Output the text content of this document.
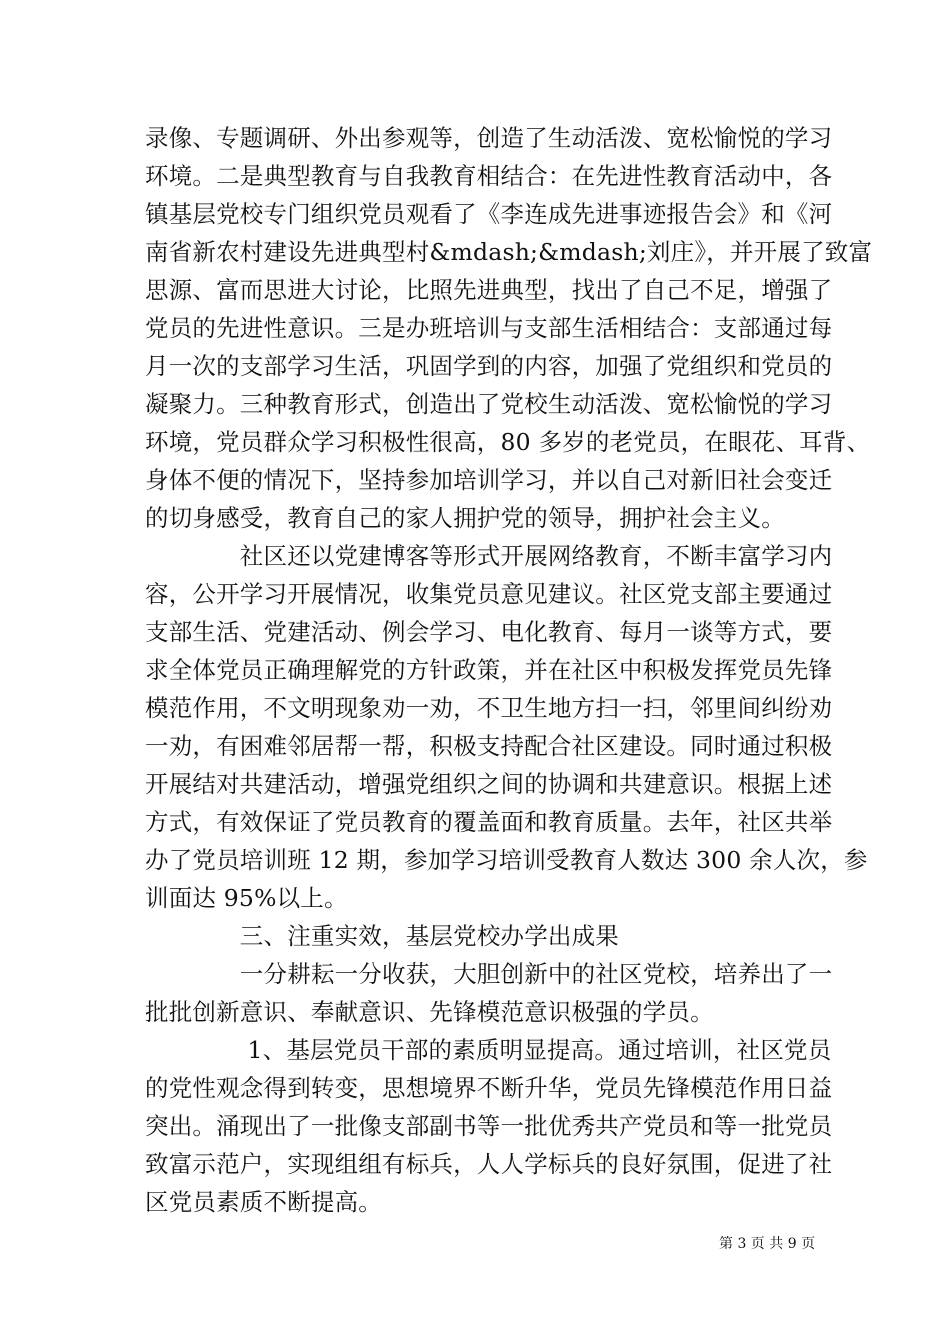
录像、专题调研、外出参观等，创造了生动活泼、宽松愉悦的学习
环境。二是典型教育与自我教育相结合：在先进性教育活动中，各
镇基层党校专门组织党员观看了《李连成先进事迹报告会》和《河
南省新农村建设先进典型村&mdash;&mdash;刘庄》，并开展了致富
思源、富而思进大讨论，比照先进典型，找出了自己不足，增强了
党员的先进性意识。三是办班培训与支部生活相结合：支部通过每
月一次的支部学习生活，巩固学到的内容，加强了党组织和党员的
凝聚力。三种教育形式，创造出了党校生动活泼、宽松愉悦的学习
环境，党员群众学习积极性很高，80 多岁的老党员，在眼花、耳背、
身体不便的情况下，坚持参加培训学习，并以自己对新旧社会变迁
的切身感受，教育自己的家人拥护党的领导，拥护社会主义。
　　　　社区还以党建博客等形式开展网络教育，不断丰富学习内
容，公开学习开展情况，收集党员意见建议。社区党支部主要通过
支部生活、党建活动、例会学习、电化教育、每月一谈等方式，要
求全体党员正确理解党的方针政策，并在社区中积极发挥党员先锋
模范作用，不文明现象劝一劝，不卫生地方扫一扫，邻里间纠纷劝
一劝，有困难邻居帮一帮，积极支持配合社区建设。同时通过积极
开展结对共建活动，增强党组织之间的协调和共建意识。根据上述
方式，有效保证了党员教育的覆盖面和教育质量。去年，社区共举
办了党员培训班 12 期，参加学习培训受教育人数达 300 余人次，参
训面达 95%以上。
　　　　三、注重实效，基层党校办学出成果
　　　　一分耕耘一分收获，大胆创新中的社区党校，培养出了一
批批创新意识、奉献意识、先锋模范意识极强的学员。
　　　　 1、基层党员干部的素质明显提高。通过培训，社区党员
的党性观念得到转变，思想境界不断升华，党员先锋模范作用日益
突出。涌现出了一批像支部副书等一批优秀共产党员和等一批党员
致富示范户，实现组组有标兵，人人学标兵的良好氛围，促进了社
区党员素质不断提高。
第 3 页 共 9 页
